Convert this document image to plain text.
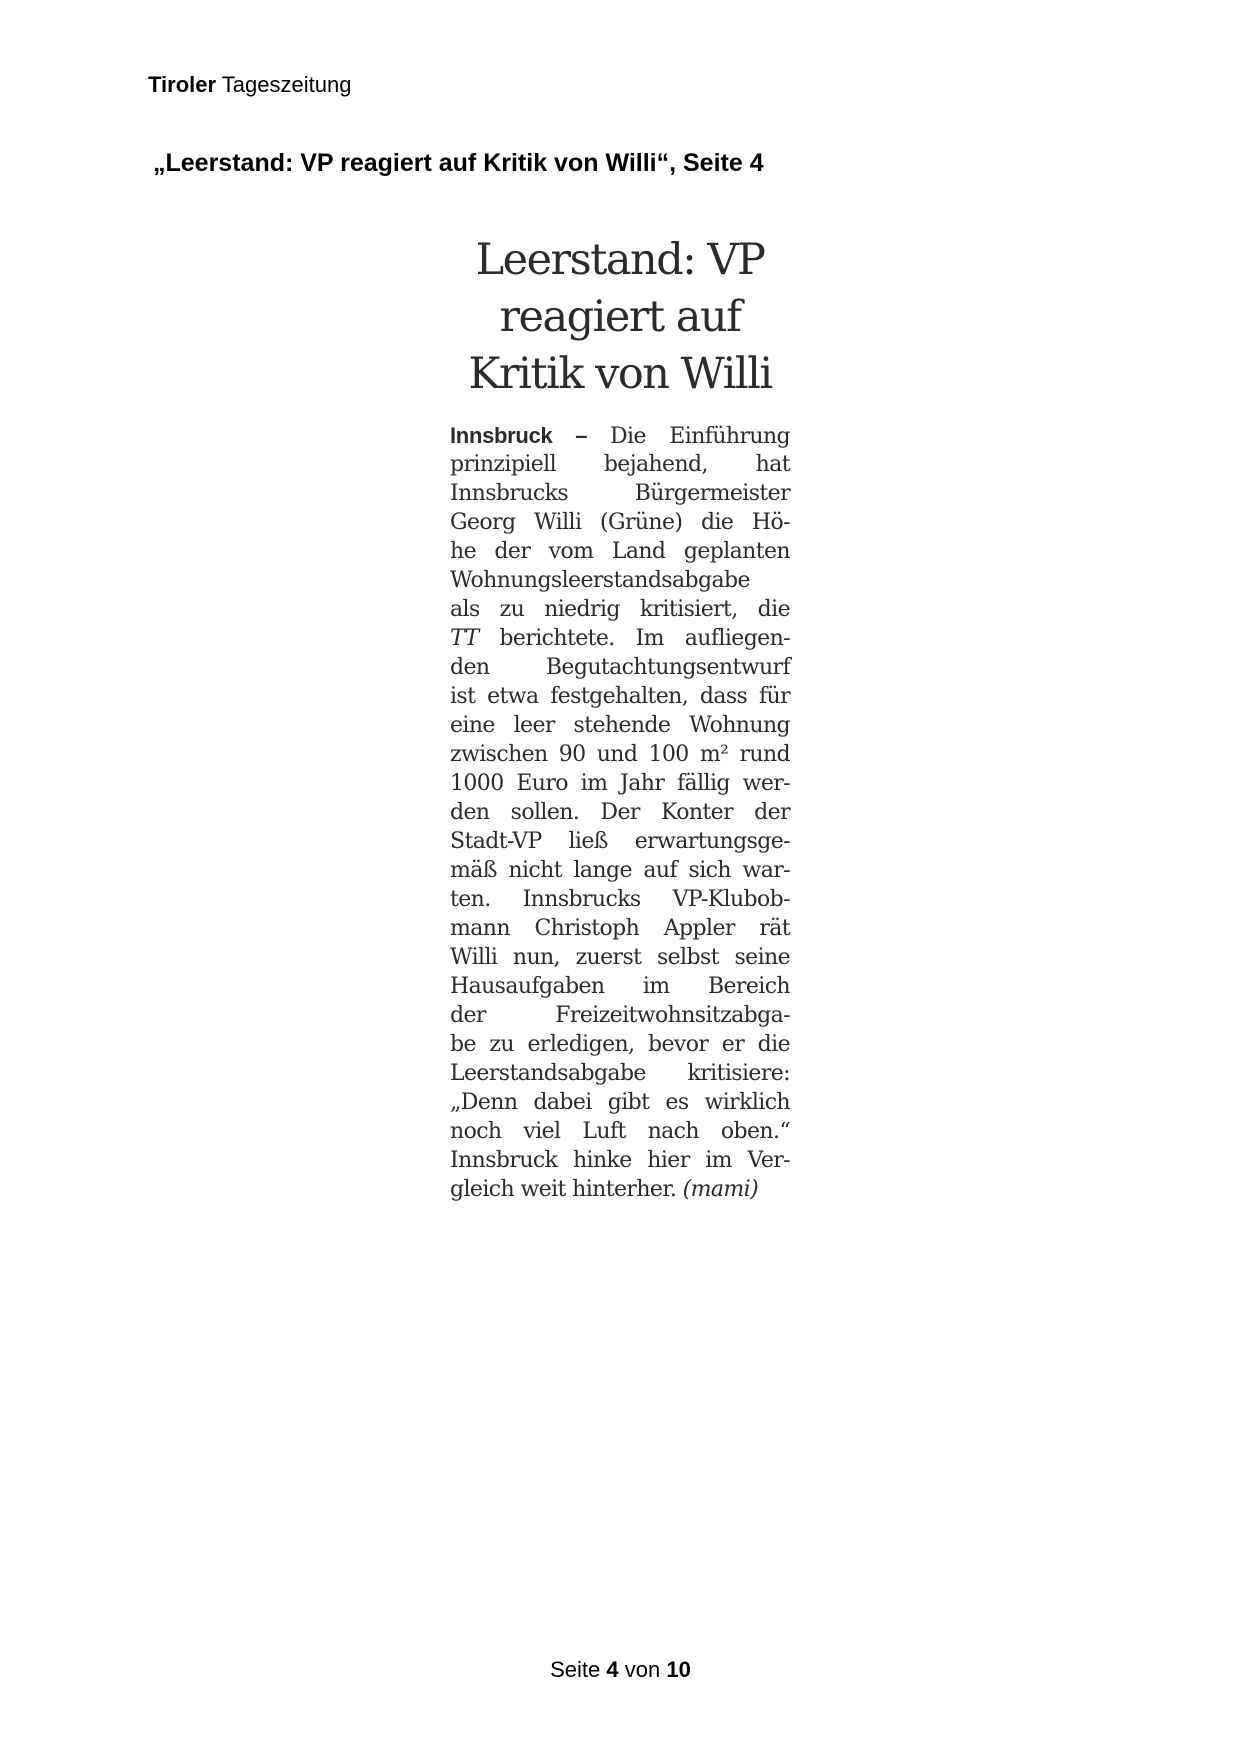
Tiroler Tageszeitung
„Leerstand: VP reagiert auf Kritik von Willi“, Seite 4
Leerstand: VP
reagiert auf
Kritik von Willi
Innsbruck – Die Einführung
prinzipiell bejahend, hat
Innsbrucks Bürgermeister
Georg Willi (Grüne) die Hö-
he der vom Land geplanten
Wohnungsleerstandsabgabe
als zu niedrig kritisiert, die
TT berichtete. Im aufliegen-
den Begutachtungsentwurf
ist etwa festgehalten, dass für
eine leer stehende Wohnung
zwischen 90 und 100 m² rund
1000 Euro im Jahr fällig wer-
den sollen. Der Konter der
Stadt-VP ließ erwartungsge-
mäß nicht lange auf sich war-
ten. Innsbrucks VP-Klubob-
mann Christoph Appler rät
Willi nun, zuerst selbst seine
Hausaufgaben im Bereich
der Freizeitwohnsitzabga-
be zu erledigen, bevor er die
Leerstandsabgabe kritisiere:
„Denn dabei gibt es wirklich
noch viel Luft nach oben.“
Innsbruck hinke hier im Ver-
gleich weit hinterher. (mami)
Seite 4 von 10
